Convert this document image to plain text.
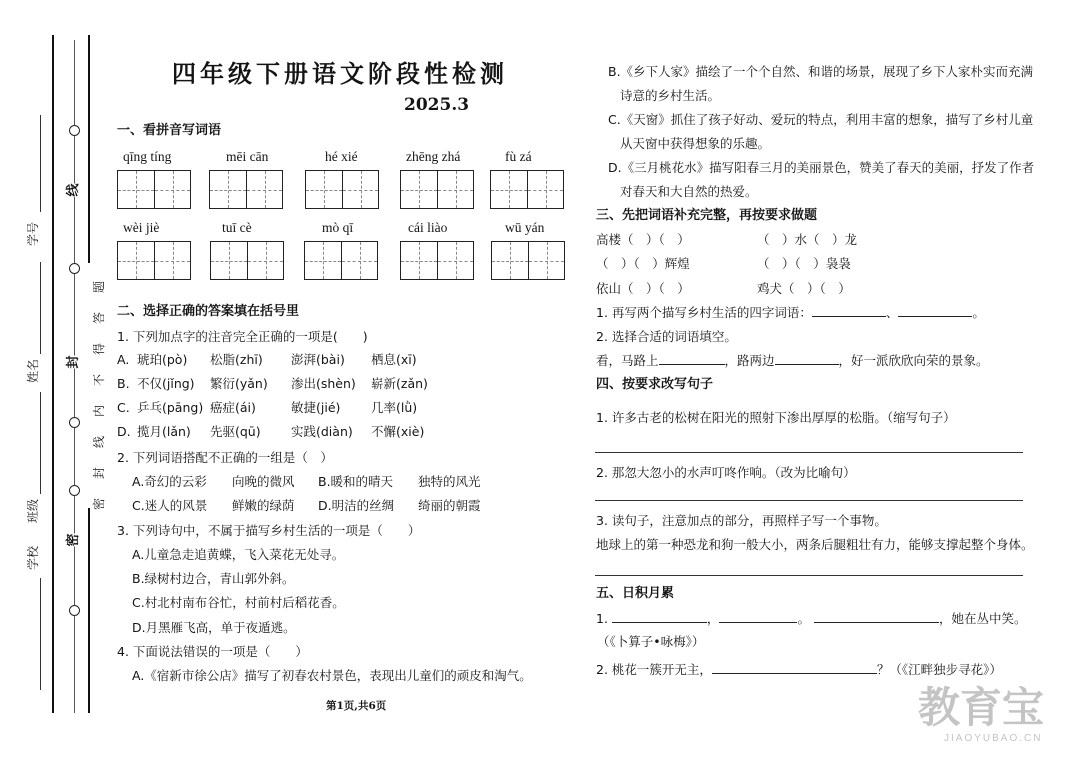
线
封
密
密封线内不得答题
学号
姓名
班级
学校
四年级下册语文阶段性检测
2025.3
一、看拼音写词语
qīng tíng	mēi cān	hé xié	zhēng zhá	fù zá
wèi jiè	tuī cè	mò qī	cái liào	wū yán
二、选择正确的答案填在括号里
1. 下列加点字的注音完全正确的一项是(　　)
A. 琥珀(pò) 松脂(zhī) 澎湃(bài) 栖息(xī)
B. 不仅(jǐng) 繁衍(yǎn) 渗出(shèn) 崭新(zǎn)
C. 乒乓(pāng) 癌症(ái)	敏捷(jié) 几率(lǜ)
D. 揽月(lǎn) 先驱(qū) 实践(diàn) 不懈(xiè)
2. 下列词语搭配不正确的一组是（　）
A.奇幻的云彩 向晚的微风 B.暖和的晴天 独特的风光
C.迷人的风景 鲜嫩的绿荫 D.明洁的丝绸 绮丽的朝霞
3. 下列诗句中，不属于描写乡村生活的一项是（　　）
A.儿童急走追黄蝶，飞入菜花无处寻。
B.绿树村边合，青山郭外斜。
C.村北村南布谷忙，村前村后稻花香。
D.月黑雁飞高，单于夜遁逃。
4. 下面说法错误的一项是（　　）
A.《宿新市徐公店》描写了初春农村景色，表现出儿童们的顽皮和淘气。
第1页,共6页
B.《乡下人家》描绘了一个个自然、和谐的场景，展现了乡下人家朴实而充满
诗意的乡村生活。
C.《天窗》抓住了孩子好动、爱玩的特点，利用丰富的想象，描写了乡村儿童
从天窗中获得想象的乐趣。
D.《三月桃花水》描写阳春三月的美丽景色，赞美了春天的美丽，抒发了作者
对春天和大自然的热爱。
三、先把词语补充完整，再按要求做题
高楼（　）（　）	（　）水（　）龙
（　）（　）辉煌	（　）（　）袅袅
依山（　）（　）	鸡犬（　）（　）
1. 再写两个描写乡村生活的四字词语：	、	。
2. 选择合适的词语填空。
看，马路上	，路两边	，好一派欣欣向荣的景象。
四、按要求改写句子
1. 许多古老的松树在阳光的照射下渗出厚厚的松脂。（缩写句子）
2. 那忽大忽小的水声叮咚作响。（改为比喻句）
3. 读句子，注意加点的部分，再照样子写一个事物。
地球上的第一种恐龙和狗一般大小，两条后腿粗壮有力，能够支撑起整个身体。
五、日积月累
1.	，	。	，她在丛中笑。
（《卜算子•咏梅》）
2. 桃花一簇开无主，	？（《江畔独步寻花》）
教育宝
JIAOYUBAO.CN
